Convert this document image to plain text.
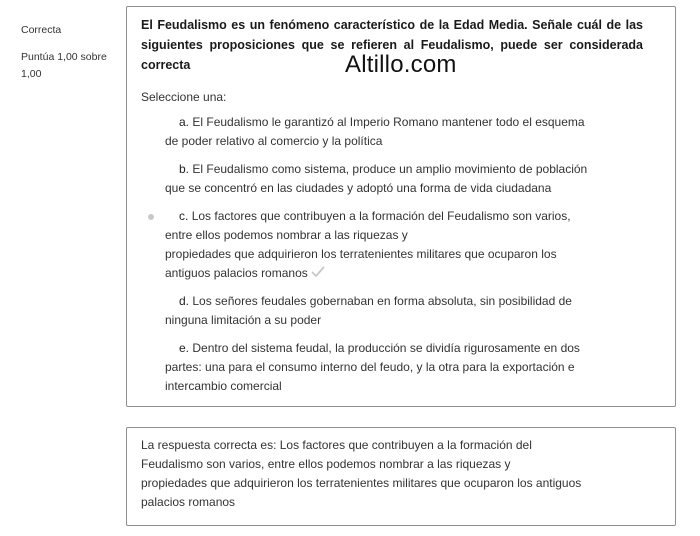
Correcta
Puntúa 1,00 sobre 1,00

El Feudalismo es un fenómeno característico de la Edad Media. Señale cuál de las siguientes proposiciones que se refieren al Feudalismo, puede ser considerada correcta

Seleccione una:
a. El Feudalismo le garantizó al Imperio Romano mantener todo el esquema
de poder relativo al comercio y la política
b. El Feudalismo como sistema, produce un amplio movimiento de población
que se concentró en las ciudades y adoptó una forma de vida ciudadana
c. Los factores que contribuyen a la formación del Feudalismo son varios,
entre ellos podemos nombrar a las riquezas y
propiedades que adquirieron los terratenientes militares que ocuparon los
antiguos palacios romanos
d. Los señores feudales gobernaban en forma absoluta, sin posibilidad de
ninguna limitación a su poder
e. Dentro del sistema feudal, la producción se dividía rigurosamente en dos
partes: una para el consumo interno del feudo, y la otra para la exportación e
intercambio comercial
Altillo.com

La respuesta correcta es: Los factores que contribuyen a la formación del

Feudalismo son varios, entre ellos podemos nombrar a las riquezas y

propiedades que adquirieron los terratenientes militares que ocuparon los antiguos

palacios romanos
